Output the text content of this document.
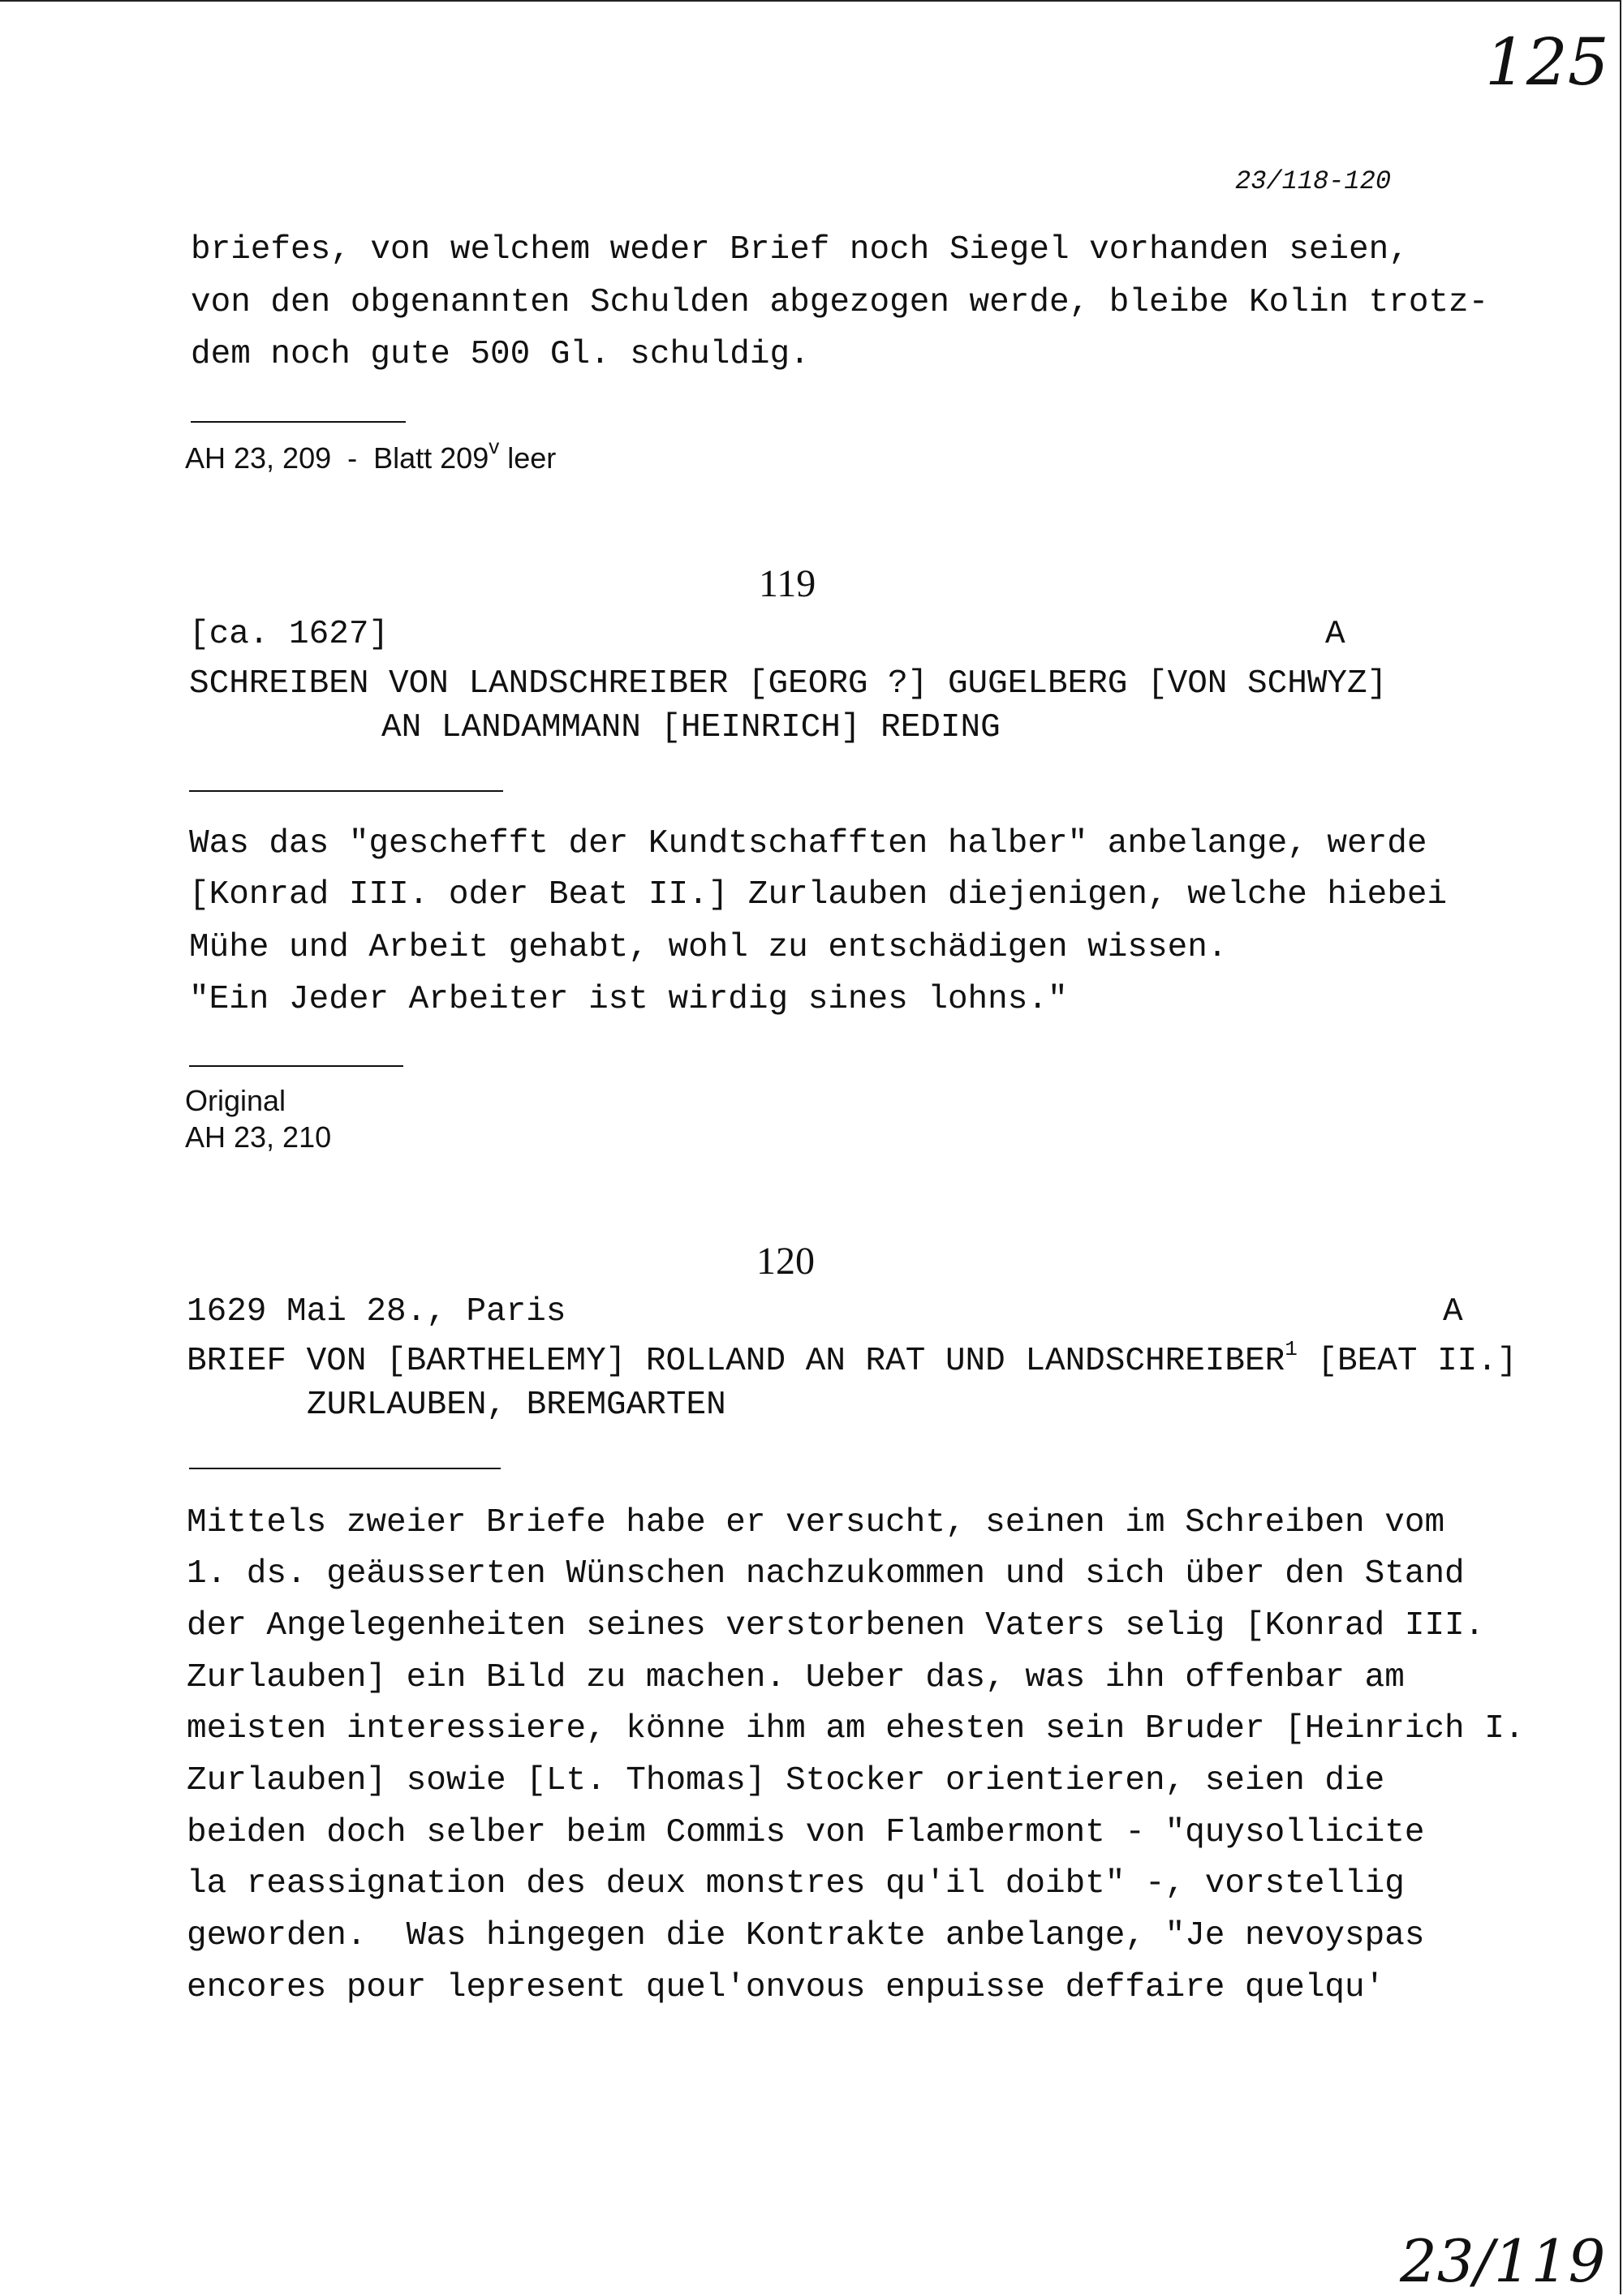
125
23/118-120
briefes, von welchem weder Brief noch Siegel vorhanden seien,
von den obgenannten Schulden abgezogen werde, bleibe Kolin trotz-
dem noch gute 500 Gl. schuldig.
AH 23, 209  -  Blatt 209$^v$ leer
119
[ca. 1627]	A
SCHREIBEN VON LANDSCHREIBER [GEORG ?] GUGELBERG [VON SCHWYZ]
AN LANDAMMANN [HEINRICH] REDING
Was das "geschefft der Kundtschafften halber" anbelange, werde
[Konrad III. oder Beat II.] Zurlauben diejenigen, welche hiebei
Mühe und Arbeit gehabt, wohl zu entschädigen wissen.
"Ein Jeder Arbeiter ist wirdig sines lohns."
Original
AH 23, 210
120
1629 Mai 28., Paris	A
BRIEF VON [BARTHELEMY] ROLLAND AN RAT UND LANDSCHREIBER$^1$ [BEAT II.]
ZURLAUBEN, BREMGARTEN
Mittels zweier Briefe habe er versucht, seinen im Schreiben vom
1. ds. geäusserten Wünschen nachzukommen und sich über den Stand
der Angelegenheiten seines verstorbenen Vaters selig [Konrad III.
Zurlauben] ein Bild zu machen. Ueber das, was ihn offenbar am
meisten interessiere, könne ihm am ehesten sein Bruder [Heinrich I.
Zurlauben] sowie [Lt. Thomas] Stocker orientieren, seien die
beiden doch selber beim Commis von Flambermont - "quysollicite
la reassignation des deux monstres qu'il doibt" -, vorstellig
geworden.  Was hingegen die Kontrakte anbelange, "Je nevoyspas
encores pour lepresent quel'onvous enpuisse deffaire quelqu'
23/119
